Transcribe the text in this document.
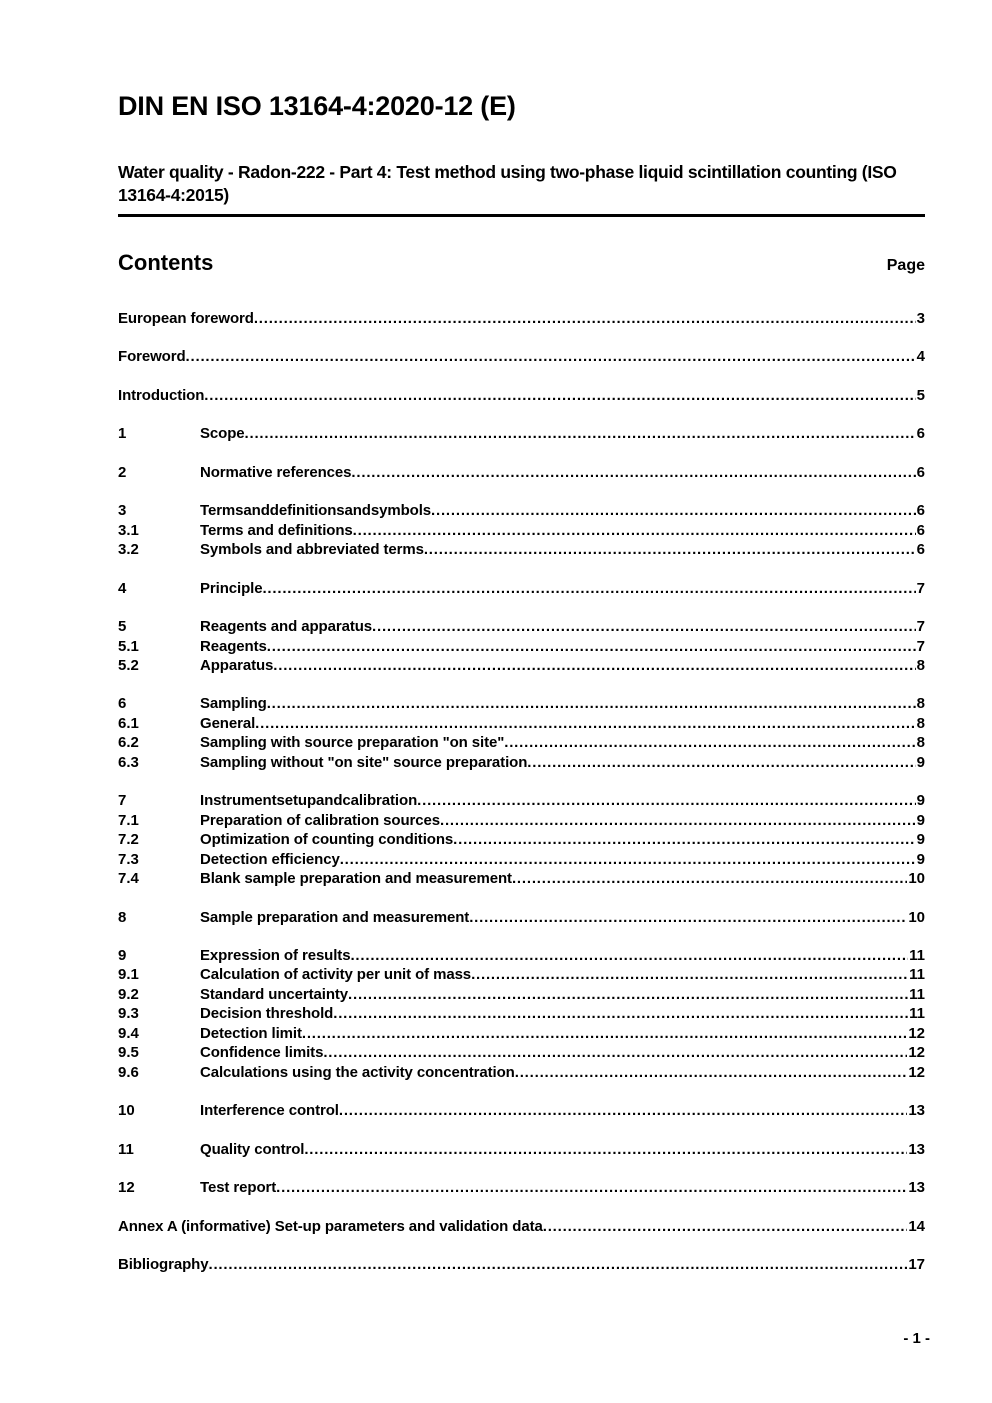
DIN EN ISO 13164-4:2020-12 (E)
Water quality - Radon-222 - Part 4: Test method using two-phase liquid scintillation counting (ISO 13164-4:2015)
Contents	Page
European foreword .....	3
Foreword .....	4
Introduction .....	5
1	Scope .....	6
2	Normative references .....	6
3	Termsanddefinitionsandsymbols .....	6
3.1	Terms and definitions .....	6
3.2	Symbols and abbreviated terms .....	6
4	Principle .....	7
5	Reagents and apparatus .....	7
5.1	Reagents .....	7
5.2	Apparatus .....	8
6	Sampling .....	8
6.1	General .....	8
6.2	Sampling with source preparation "on site" .....	8
6.3	Sampling without "on site" source preparation .....	9
7	Instrumentsetupandcalibration .....	9
7.1	Preparation of calibration sources .....	9
7.2	Optimization of counting conditions .....	9
7.3	Detection efficiency .....	9
7.4	Blank sample preparation and measurement .....	10
8	Sample preparation and measurement .....	10
9	Expression of results .....	11
9.1	Calculation of activity per unit of mass .....	11
9.2	Standard uncertainty .....	11
9.3	Decision threshold .....	11
9.4	Detection limit .....	12
9.5	Confidence limits .....	12
9.6	Calculations using the activity concentration .....	12
10	Interference control .....	13
11	Quality control .....	13
12	Test report .....	13
Annex A (informative) Set-up parameters and validation data .....	14
Bibliography .....	17
- 1 -
